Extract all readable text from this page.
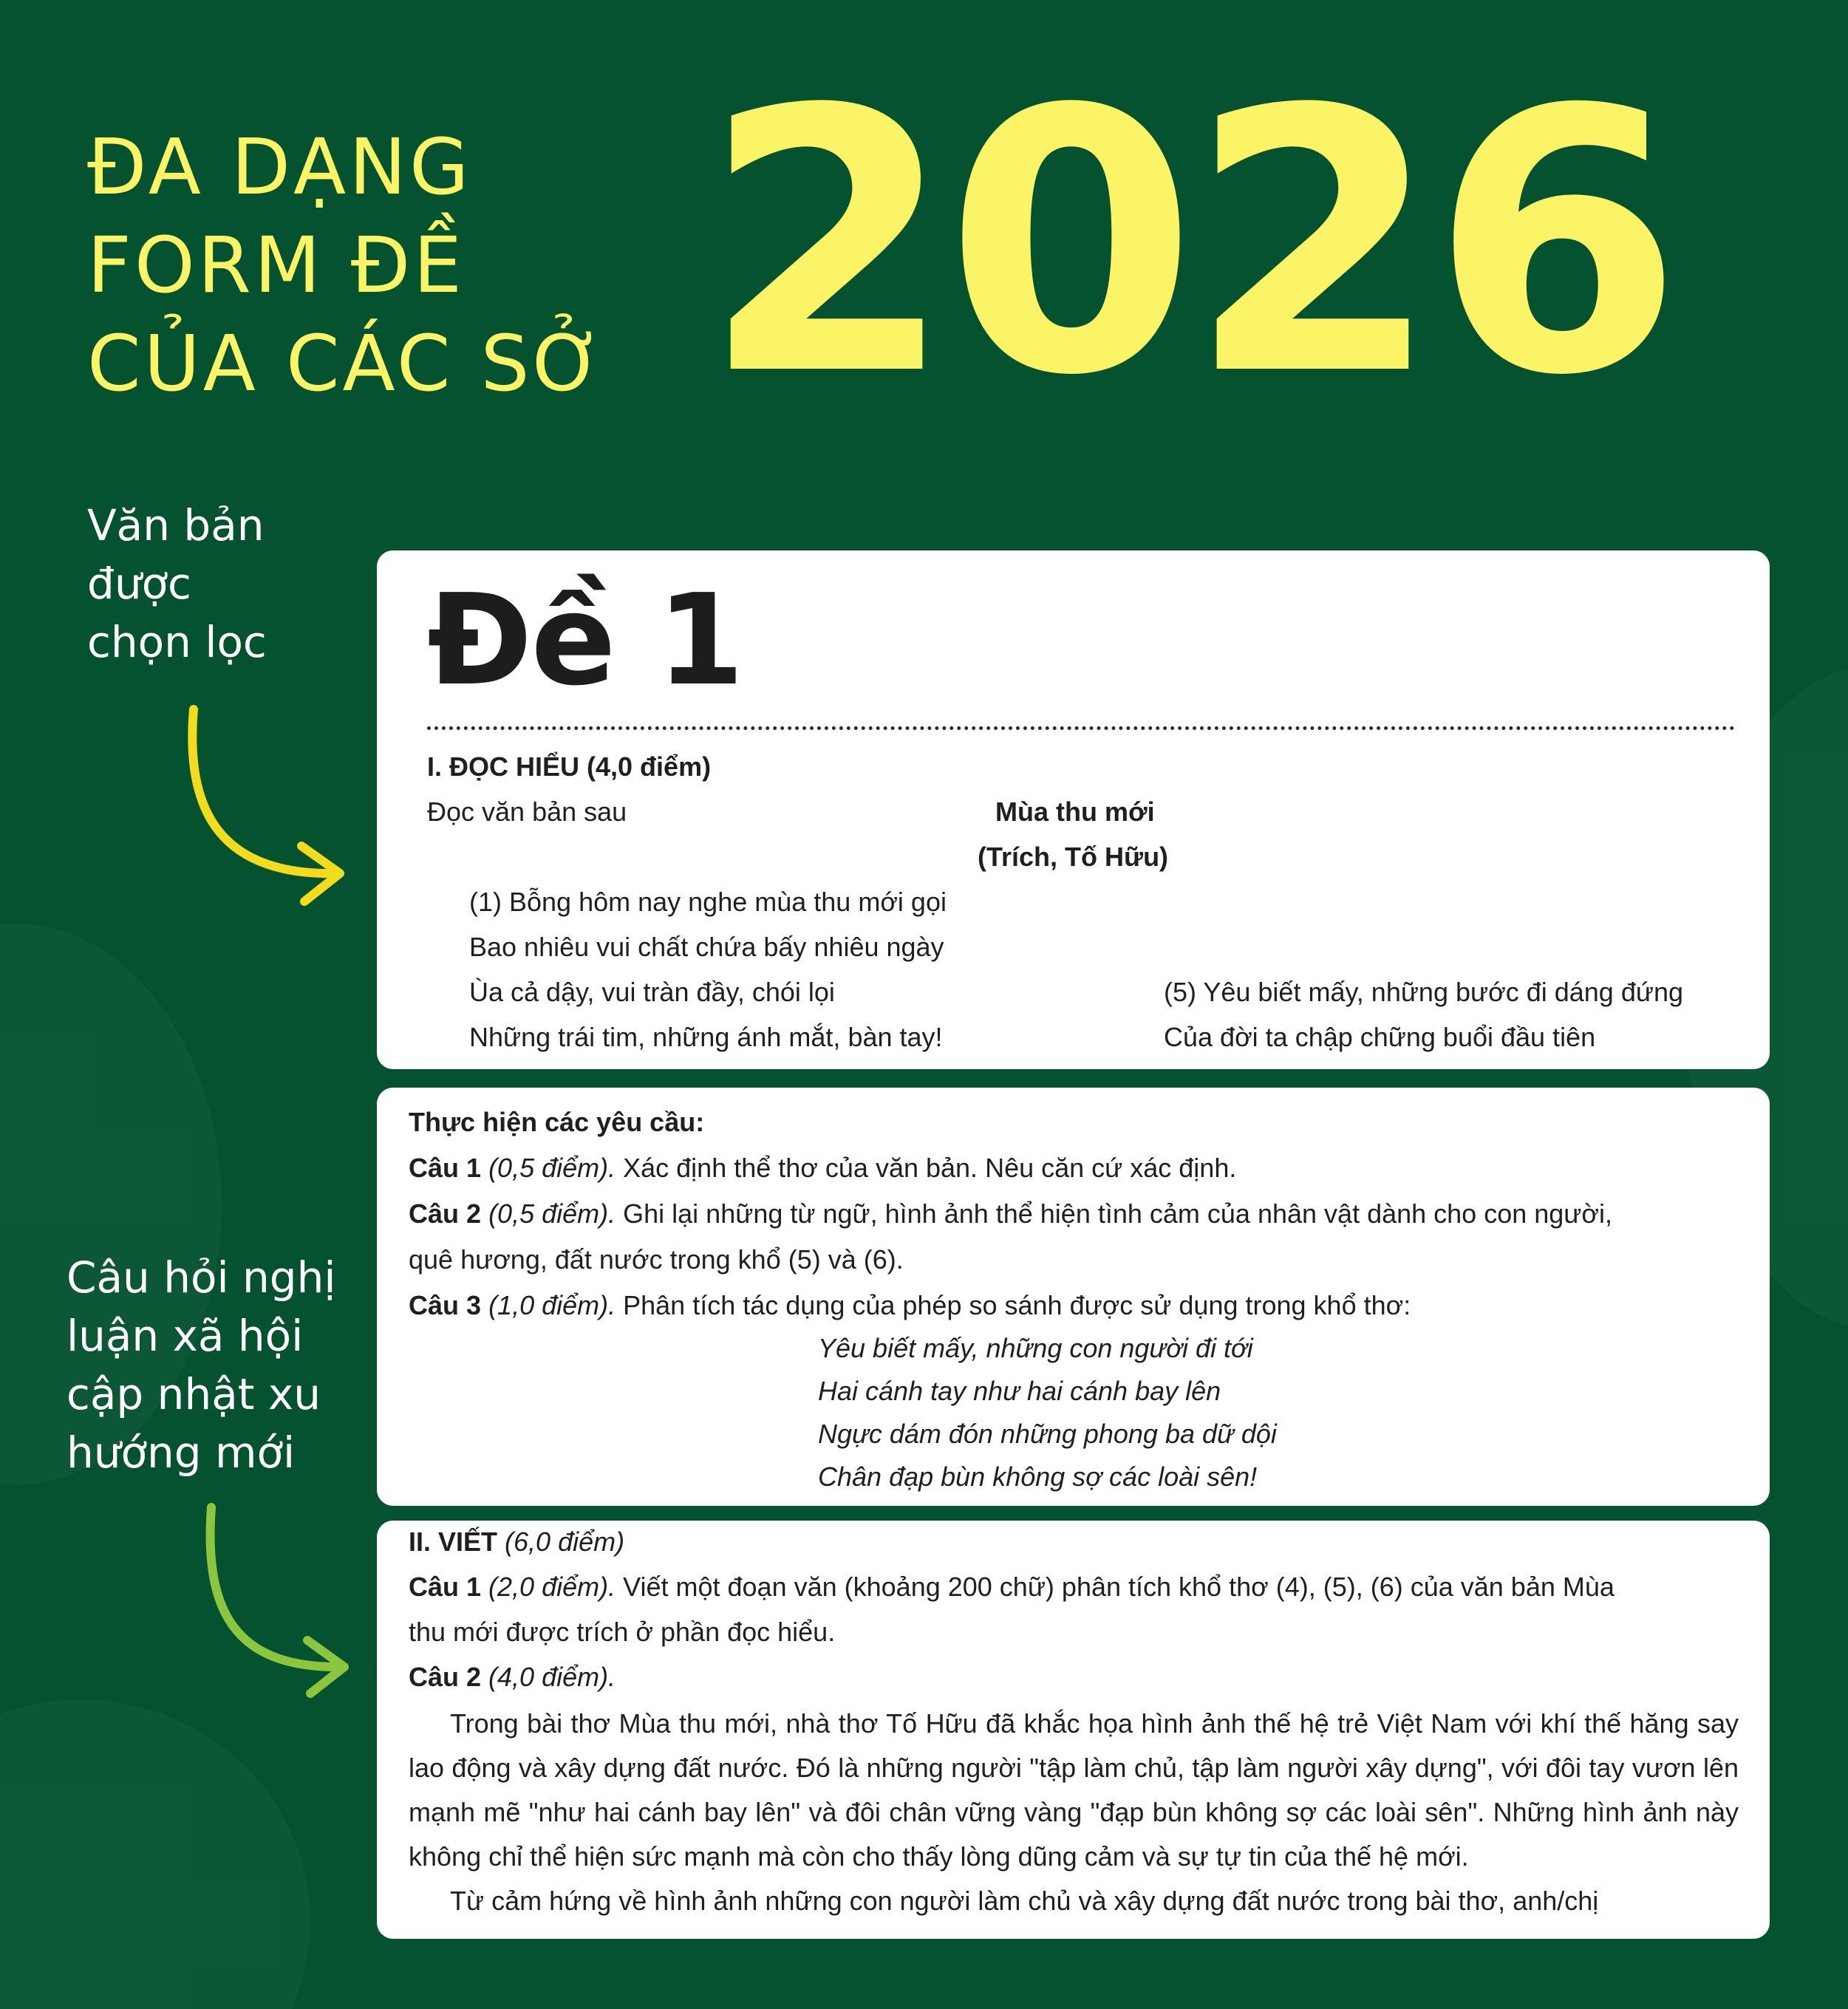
ĐA DẠNG
FORM ĐỀ
CỦA CÁC SỞ 2026
Văn bản
được
chọn lọc
Câu hỏi nghị
luận xã hội
cập nhật xu
hướng mới
Đề 1
I. ĐỌC HIỂU (4,0 điểm)
Đọc văn bản sau	Mùa thu mới
(Trích, Tố Hữu)
(1) Bỗng hôm nay nghe mùa thu mới gọi
Bao nhiêu vui chất chứa bấy nhiêu ngày
Ùa cả dậy, vui tràn đầy, chói lọi
Những trái tim, những ánh mắt, bàn tay!
(5) Yêu biết mấy, những bước đi dáng đứng
Của đời ta chập chững buổi đầu tiên
Thực hiện các yêu cầu:
Câu 1 (0,5 điểm). Xác định thể thơ của văn bản. Nêu căn cứ xác định.
Câu 2 (0,5 điểm). Ghi lại những từ ngữ, hình ảnh thể hiện tình cảm của nhân vật dành cho con người,
quê hương, đất nước trong khổ (5) và (6).
Câu 3 (1,0 điểm). Phân tích tác dụng của phép so sánh được sử dụng trong khổ thơ:
Yêu biết mấy, những con người đi tới
Hai cánh tay như hai cánh bay lên
Ngực dám đón những phong ba dữ dội
Chân đạp bùn không sợ các loài sên!
II. VIẾT (6,0 điểm)
Câu 1 (2,0 điểm). Viết một đoạn văn (khoảng 200 chữ) phân tích khổ thơ (4), (5), (6) của văn bản Mùa
thu mới được trích ở phần đọc hiểu.
Câu 2 (4,0 điểm).

Trong bài thơ Mùa thu mới, nhà thơ Tố Hữu đã khắc họa hình ảnh thế hệ trẻ Việt Nam với khí thế hăng say lao động và xây dựng đất nước. Đó là những người "tập làm chủ, tập làm người xây dựng", với đôi tay vươn lên mạnh mẽ "như hai cánh bay lên" và đôi chân vững vàng "đạp bùn không sợ các loài sên". Những hình ảnh này không chỉ thể hiện sức mạnh mà còn cho thấy lòng dũng cảm và sự tự tin của thế hệ mới.

Từ cảm hứng về hình ảnh những con người làm chủ và xây dựng đất nước trong bài thơ, anh/chị
